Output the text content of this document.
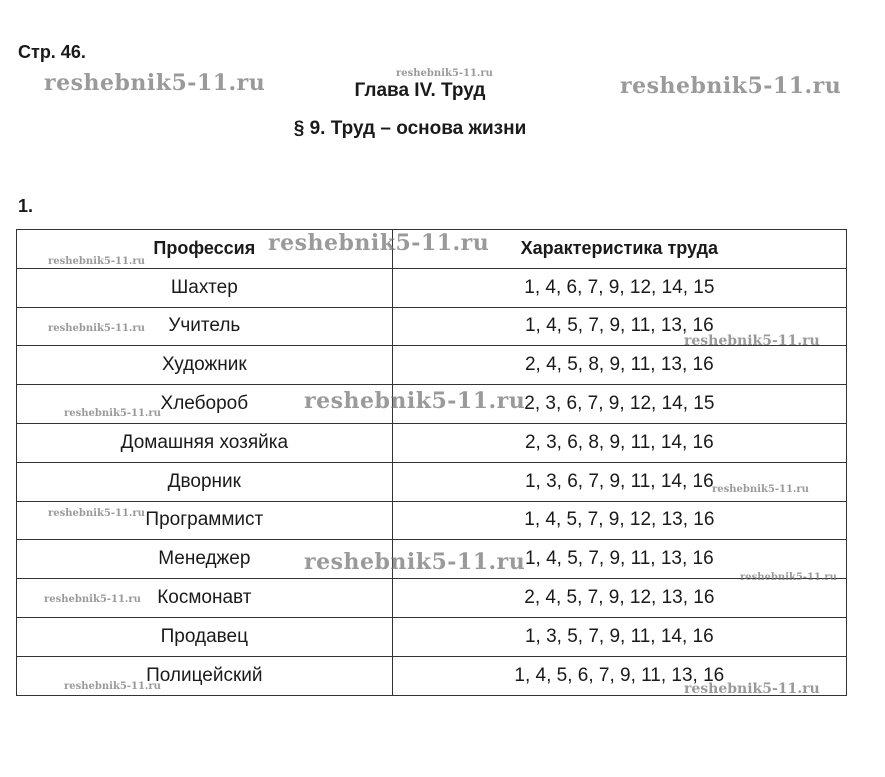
Стр. 46.
Глава IV. Труд
§ 9. Труд – основа жизни
1.
Профессия	Характеристика труда
Шахтер	1, 4, 6, 7, 9, 12, 14, 15
Учитель	1, 4, 5, 7, 9, 11, 13, 16
Художник	2, 4, 5, 8, 9, 11, 13, 16
Хлебороб	2, 3, 6, 7, 9, 12, 14, 15
Домашняя хозяйка	2, 3, 6, 8, 9, 11, 14, 16
Дворник	1, 3, 6, 7, 9, 11, 14, 16
Программист	1, 4, 5, 7, 9, 12, 13, 16
Менеджер	1, 4, 5, 7, 9, 11, 13, 16
Космонавт	2, 4, 5, 7, 9, 12, 13, 16
Продавец	1, 3, 5, 7, 9, 11, 14, 16
Полицейский	1, 4, 5, 6, 7, 9, 11, 13, 16
reshebnik5-11.ru	reshebnik5-11.ru	reshebnik5-11.ru
reshebnik5-11.ru
reshebnik5-11.ru
reshebnik5-11.ru
reshebnik5-11.ru
reshebnik5-11.ru
reshebnik5-11.ru
reshebnik5-11.ru
reshebnik5-11.ru
reshebnik5-11.ru
reshebnik5-11.ru
reshebnik5-11.ru
reshebnik5-11.ru	reshebnik5-11.ru
